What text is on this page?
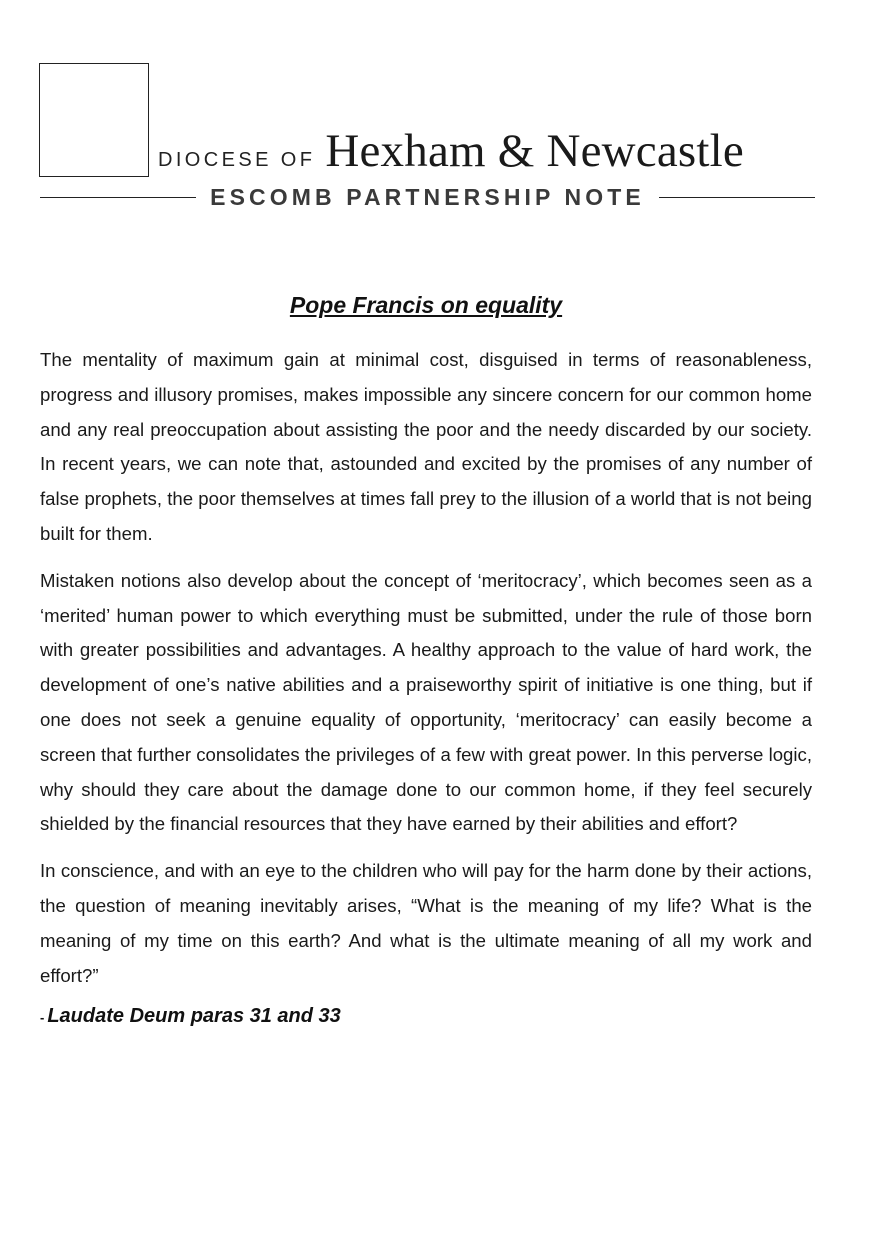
DIOCESE OF Hexham & Newcastle
ESCOMB PARTNERSHIP NOTE
Pope Francis on equality

The mentality of maximum gain at minimal cost, disguised in terms of reasonableness, progress and illusory promises, makes impossible any sincere concern for our common home and any real preoccupation about assisting the poor and the needy discarded by our society. In recent years, we can note that, astounded and excited by the promises of any number of false prophets, the poor themselves at times fall prey to the illusion of a world that is not being built for them.

Mistaken notions also develop about the concept of ‘meritocracy’, which becomes seen as a ‘merited’ human power to which everything must be submitted, under the rule of those born with greater possibilities and advantages. A healthy approach to the value of hard work, the development of one’s native abilities and a praiseworthy spirit of initiative is one thing, but if one does not seek a genuine equality of opportunity, ‘meritocracy’ can easily become a screen that further consolidates the privileges of a few with great power. In this perverse logic, why should they care about the damage done to our common home, if they feel securely shielded by the financial resources that they have earned by their abilities and effort?

In conscience, and with an eye to the children who will pay for the harm done by their actions, the question of meaning inevitably arises, “What is the meaning of my life? What is the meaning of my time on this earth? And what is the ultimate meaning of all my work and effort?”

- Laudate Deum paras 31 and 33
